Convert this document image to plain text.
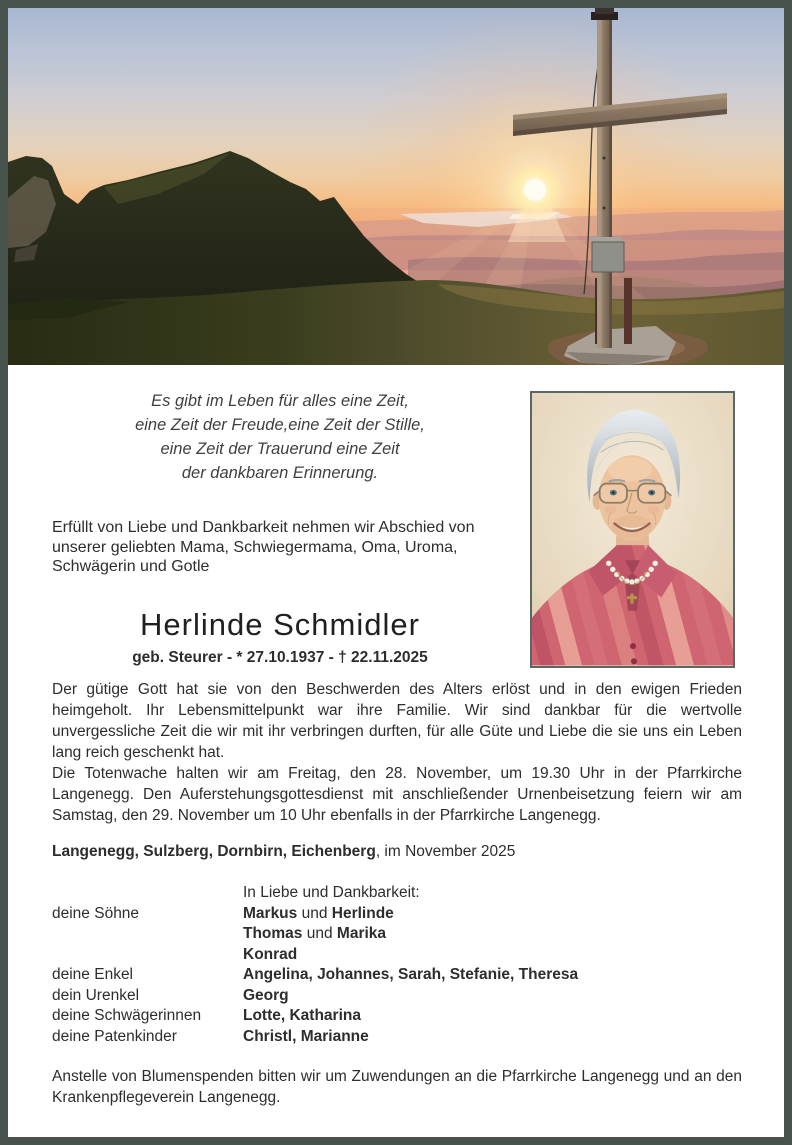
Es gibt im Leben für alles eine Zeit,
eine Zeit der Freude,eine Zeit der Stille,
eine Zeit der Trauerund eine Zeit
der dankbaren Erinnerung.

Erfüllt von Liebe und Dankbarkeit nehmen wir Abschied von unserer geliebten Mama, Schwiegermama, Oma, Uroma, Schwägerin und Gotle

Herlinde Schmidler

geb. Steurer - * 27.10.1937 - † 22.11.2025

Der gütige Gott hat sie von den Beschwerden des Alters erlöst und in den ewigen Frieden heimgeholt. Ihr Lebensmittelpunkt war ihre Familie. Wir sind dankbar für die wertvolle unvergessliche Zeit die wir mit ihr verbringen durften, für alle Güte und Liebe die sie uns ein Leben lang reich geschenkt hat.

Die Totenwache halten wir am Freitag, den 28. November, um 19.30 Uhr in der Pfarrkirche Langenegg. Den Auferstehungsgottesdienst mit anschließender Urnenbeisetzung feiern wir am Samstag, den 29. November um 10 Uhr ebenfalls in der Pfarrkirche Langenegg.

Langenegg, Sulzberg, Dornbirn, Eichenberg, im November 2025

In Liebe und Dankbarkeit:
deine Söhne	Markus und Herlinde
Thomas und Marika
Konrad
deine Enkel	Angelina, Johannes, Sarah, Stefanie, Theresa
dein Urenkel	Georg
deine Schwägerinnen	Lotte, Katharina
deine Patenkinder	Christl, Marianne

Anstelle von Blumenspenden bitten wir um Zuwendungen an die Pfarrkirche Langenegg und an den Krankenpflegeverein Langenegg.
